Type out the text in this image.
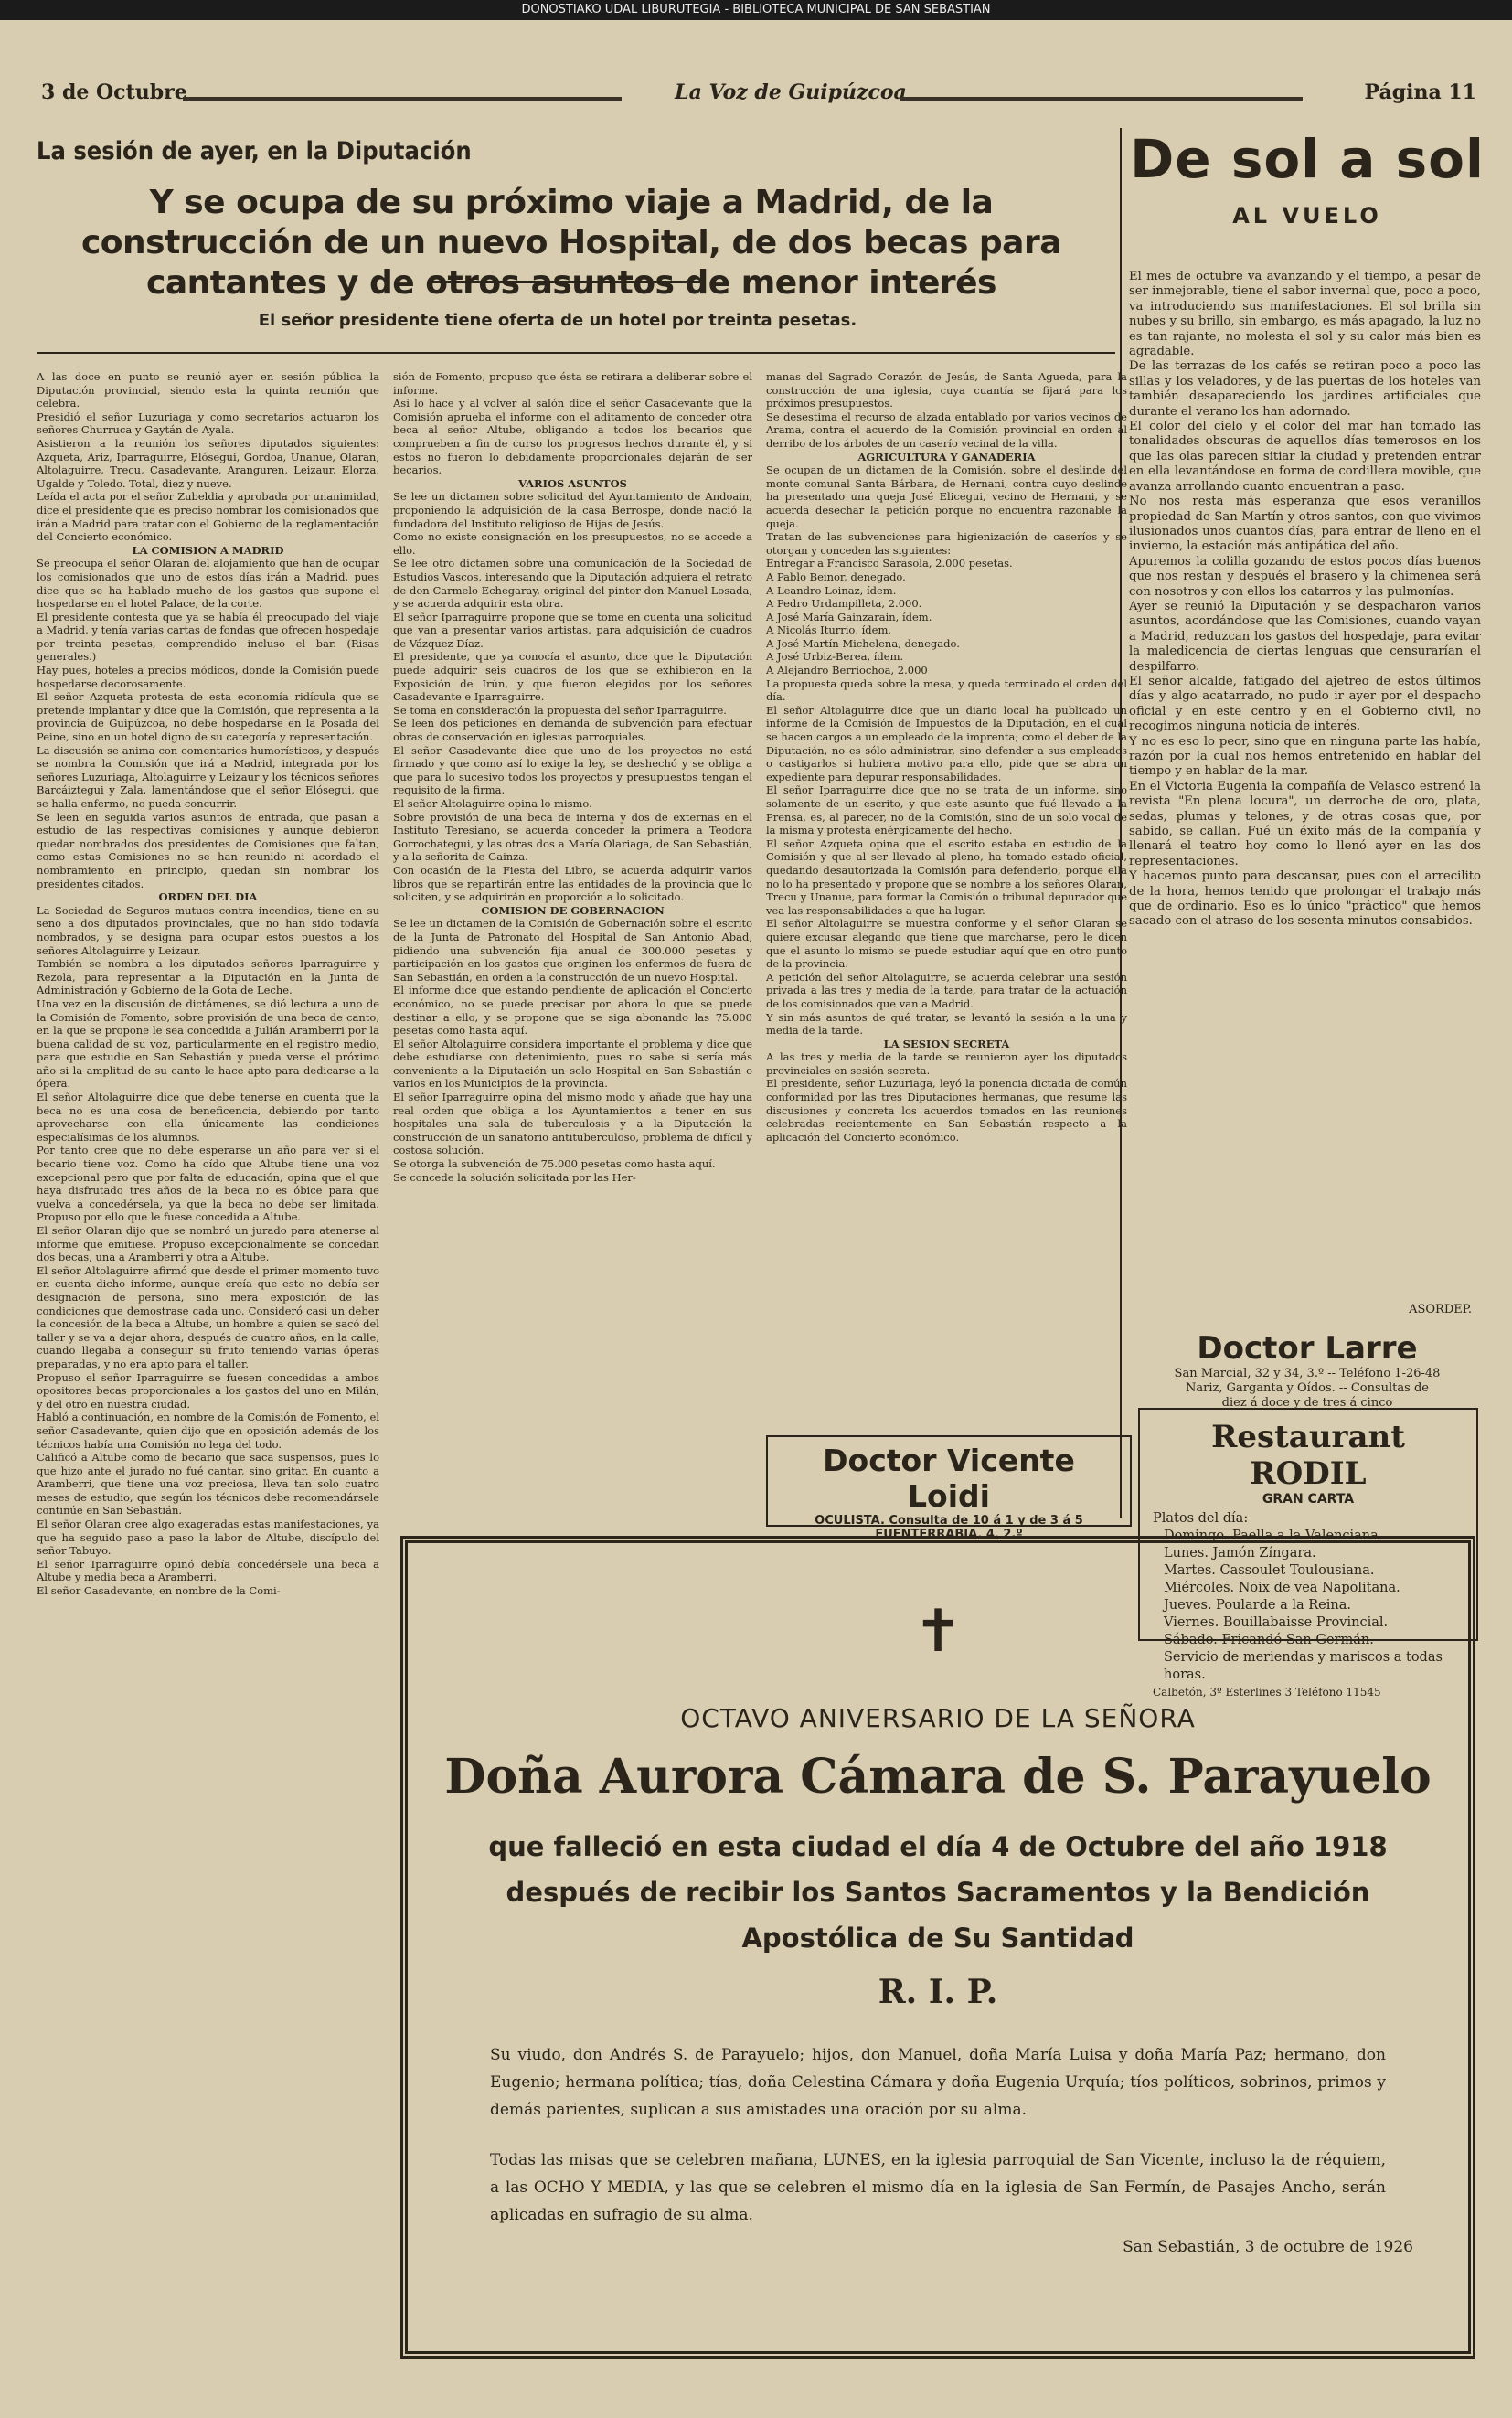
DONOSTIAKO UDAL LIBURUTEGIA - BIBLIOTECA MUNICIPAL DE SAN SEBASTIAN
3 de Octubre	La Voz de Guipúzcoa	Página 11
La sesión de ayer, en la Diputación
Y se ocupa de su próximo viaje a Madrid, de la construcción de un nuevo Hospital, de dos becas para cantantes y de otros asuntos de menor interés
El señor presidente tiene oferta de un hotel por treinta pesetas.
A las doce en punto se reunió ayer en sesión pública la Diputación provincial, siendo esta la quinta reunión que celebra.
Presidió el señor Luzuriaga y como secretarios actuaron los señores Churruca y Gaytán de Ayala.
Asistieron a la reunión los señores diputados siguientes: Azqueta, Ariz, Iparraguirre, Elósegui, Gordoa, Unanue, Olaran, Altolaguirre, Trecu, Casadevante, Aranguren, Leizaur, Elorza, Ugalde y Toledo. Total, diez y nueve.
Leída el acta por el señor Zubeldia y aprobada por unanimidad, dice el presidente que es preciso nombrar los comisionados que irán a Madrid para tratar con el Gobierno de la reglamentación del Concierto económico.
LA COMISION A MADRID
Se preocupa el señor Olaran del alojamiento que han de ocupar los comisionados que uno de estos días irán a Madrid, pues dice que se ha hablado mucho de los gastos que supone el hospedarse en el hotel Palace, de la corte.
El presidente contesta que ya se había él preocupado del viaje a Madrid, y tenía varias cartas de fondas que ofrecen hospedaje por treinta pesetas, comprendido incluso el bar. (Risas generales.)
Hay pues, hoteles a precios módicos, donde la Comisión puede hospedarse decorosamente.
El señor Azqueta protesta de esta economía ridícula que se pretende implantar y dice que la Comisión, que representa a la provincia de Guipúzcoa, no debe hospedarse en la Posada del Peine, sino en un hotel digno de su categoría y representación.
La discusión se anima con comentarios humorísticos, y después se nombra la Comisión que irá a Madrid, integrada por los señores Luzuriaga, Altolaguirre y Leizaur y los técnicos señores Barcáiztegui y Zala, lamentándose que el señor Elósegui, que se halla enfermo, no pueda concurrir.
Se leen en seguida varios asuntos de entrada, que pasan a estudio de las respectivas comisiones y aunque debieron quedar nombrados dos presidentes de Comisiones que faltan, como estas Comisiones no se han reunido ni acordado el nombramiento en principio, quedan sin nombrar los presidentes citados.
ORDEN DEL DIA
La Sociedad de Seguros mutuos contra incendios, tiene en su seno a dos diputados provinciales, que no han sido todavía nombrados, y se designa para ocupar estos puestos a los señores Altolaguirre y Leizaur.
También se nombra a los diputados señores Iparraguirre y Rezola, para representar a la Diputación en la Junta de Administración y Gobierno de la Gota de Leche.
Una vez en la discusión de dictámenes, se dió lectura a uno de la Comisión de Fomento, sobre provisión de una beca de canto, en la que se propone le sea concedida a Julián Aramberri por la buena calidad de su voz, particularmente en el registro medio, para que estudie en San Sebastián y pueda verse el próximo año si la amplitud de su canto le hace apto para dedicarse a la ópera.
El señor Altolaguirre dice que debe tenerse en cuenta que la beca no es una cosa de beneficencia, debiendo por tanto aprovecharse con ella únicamente las condiciones especialísimas de los alumnos.
Por tanto cree que no debe esperarse un año para ver si el becario tiene voz. Como ha oído que Altube tiene una voz excepcional pero que por falta de educación, opina que el que haya disfrutado tres años de la beca no es óbice para que vuelva a concedérsela, ya que la beca no debe ser limitada. Propuso por ello que le fuese concedida a Altube.
El señor Olaran dijo que se nombró un jurado para atenerse al informe que emitiese. Propuso excepcionalmente se concedan dos becas, una a Aramberri y otra a Altube.
El señor Altolaguirre afirmó que desde el primer momento tuvo en cuenta dicho informe, aunque creía que esto no debía ser designación de persona, sino mera exposición de las condiciones que demostrase cada uno. Consideró casi un deber la concesión de la beca a Altube, un hombre a quien se sacó del taller y se va a dejar ahora, después de cuatro años, en la calle, cuando llegaba a conseguir su fruto teniendo varias óperas preparadas, y no era apto para el taller.
Propuso el señor Iparraguirre se fuesen concedidas a ambos opositores becas proporcionales a los gastos del uno en Milán, y del otro en nuestra ciudad.
Habló a continuación, en nombre de la Comisión de Fomento, el señor Casadevante, quien dijo que en oposición además de los técnicos había una Comisión no lega del todo.
Calificó a Altube como de becario que saca suspensos, pues lo que hizo ante el jurado no fué cantar, sino gritar. En cuanto a Aramberri, que tiene una voz preciosa, lleva tan solo cuatro meses de estudio, que según los técnicos debe recomendársele continúe en San Sebastián.
El señor Olaran cree algo exageradas estas manifestaciones, ya que ha seguido paso a paso la labor de Altube, discípulo del señor Tabuyo.
El señor Iparraguirre opinó debía concedérsele una beca a Altube y media beca a Aramberri.
El señor Casadevante, en nombre de la Comi-
sión de Fomento, propuso que ésta se retirara a deliberar sobre el informe.
Así lo hace y al volver al salón dice el señor Casadevante que la Comisión aprueba el informe con el aditamento de conceder otra beca al señor Altube, obligando a todos los becarios que comprueben a fin de curso los progresos hechos durante él, y si estos no fueron lo debidamente proporcionales dejarán de ser becarios.
VARIOS ASUNTOS
Se lee un dictamen sobre solicitud del Ayuntamiento de Andoain, proponiendo la adquisición de la casa Berrospe, donde nació la fundadora del Instituto religioso de Hijas de Jesús.
Como no existe consignación en los presupuestos, no se accede a ello.
Se lee otro dictamen sobre una comunicación de la Sociedad de Estudios Vascos, interesando que la Diputación adquiera el retrato de don Carmelo Echegaray, original del pintor don Manuel Losada, y se acuerda adquirir esta obra.
El señor Iparraguirre propone que se tome en cuenta una solicitud que van a presentar varios artistas, para adquisición de cuadros de Vázquez Díaz.
El presidente, que ya conocía el asunto, dice que la Diputación puede adquirir seis cuadros de los que se exhibieron en la Exposición de Irún, y que fueron elegidos por los señores Casadevante e Iparraguirre.
Se toma en consideración la propuesta del señor Iparraguirre.
Se leen dos peticiones en demanda de subvención para efectuar obras de conservación en iglesias parroquiales.
El señor Casadevante dice que uno de los proyectos no está firmado y que como así lo exige la ley, se deshechó y se obliga a que para lo sucesivo todos los proyectos y presupuestos tengan el requisito de la firma.
El señor Altolaguirre opina lo mismo.
Sobre provisión de una beca de interna y dos de externas en el Instituto Teresiano, se acuerda conceder la primera a Teodora Gorrochategui, y las otras dos a María Olariaga, de San Sebastián, y a la señorita de Gainza.
Con ocasión de la Fiesta del Libro, se acuerda adquirir varios libros que se repartirán entre las entidades de la provincia que lo soliciten, y se adquirirán en proporción a lo solicitado.
COMISION DE GOBERNACION
Se lee un dictamen de la Comisión de Gobernación sobre el escrito de la Junta de Patronato del Hospital de San Antonio Abad, pidiendo una subvención fija anual de 300.000 pesetas y participación en los gastos que originen los enfermos de fuera de San Sebastián, en orden a la construcción de un nuevo Hospital.
El informe dice que estando pendiente de aplicación el Concierto económico, no se puede precisar por ahora lo que se puede destinar a ello, y se propone que se siga abonando las 75.000 pesetas como hasta aquí.
El señor Altolaguirre considera importante el problema y dice que debe estudiarse con detenimiento, pues no sabe si sería más conveniente a la Diputación un solo Hospital en San Sebastián o varios en los Municipios de la provincia.
El señor Iparraguirre opina del mismo modo y añade que hay una real orden que obliga a los Ayuntamientos a tener en sus hospitales una sala de tuberculosis y a la Diputación la construcción de un sanatorio antituberculoso, problema de difícil y costosa solución.
Se otorga la subvención de 75.000 pesetas como hasta aquí.
Se concede la solución solicitada por las Her-
manas del Sagrado Corazón de Jesús, de Santa Agueda, para la construcción de una iglesia, cuya cuantía se fijará para los próximos presupuestos.
Se desestima el recurso de alzada entablado por varios vecinos de Arama, contra el acuerdo de la Comisión provincial en orden al derribo de los árboles de un caserío vecinal de la villa.
AGRICULTURA Y GANADERIA
Se ocupan de un dictamen de la Comisión, sobre el deslinde del monte comunal Santa Bárbara, de Hernani, contra cuyo deslinde ha presentado una queja José Elicegui, vecino de Hernani, y se acuerda desechar la petición porque no encuentra razonable la queja.
Tratan de las subvenciones para higienización de caseríos y se otorgan y conceden las siguientes:
Entregar a Francisco Sarasola, 2.000 pesetas.
A Pablo Beinor, denegado.
A Leandro Loinaz, ídem.
A Pedro Urdampilleta, 2.000.
A José María Gainzarain, ídem.
A Nicolás Iturrio, ídem.
A José Martín Michelena, denegado.
A José Urbiz-Berea, ídem.
A Alejandro Berriochoa, 2.000
La propuesta queda sobre la mesa, y queda terminado el orden del día.
El señor Altolaguirre dice que un diario local ha publicado un informe de la Comisión de Impuestos de la Diputación, en el cual se hacen cargos a un empleado de la imprenta; como el deber de la Diputación, no es sólo administrar, sino defender a sus empleados o castigarlos si hubiera motivo para ello, pide que se abra un expediente para depurar responsabilidades.
El señor Iparraguirre dice que no se trata de un informe, sino solamente de un escrito, y que este asunto que fué llevado a la Prensa, es, al parecer, no de la Comisión, sino de un solo vocal de la misma y protesta enérgicamente del hecho.
El señor Azqueta opina que el escrito estaba en estudio de la Comisión y que al ser llevado al pleno, ha tomado estado oficial, quedando desautorizada la Comisión para defenderlo, porque ella no lo ha presentado y propone que se nombre a los señores Olaran, Trecu y Unanue, para formar la Comisión o tribunal depurador que vea las responsabilidades a que ha lugar.
El señor Altolaguirre se muestra conforme y el señor Olaran se quiere excusar alegando que tiene que marcharse, pero le dicen que el asunto lo mismo se puede estudiar aquí que en otro punto de la provincia.
A petición del señor Altolaguirre, se acuerda celebrar una sesión privada a las tres y media de la tarde, para tratar de la actuación de los comisionados que van a Madrid.
Y sin más asuntos de qué tratar, se levantó la sesión a la una y media de la tarde.
LA SESION SECRETA
A las tres y media de la tarde se reunieron ayer los diputados provinciales en sesión secreta.
El presidente, señor Luzuriaga, leyó la ponencia dictada de común conformidad por las tres Diputaciones hermanas, que resume las discusiones y concreta los acuerdos tomados en las reuniones celebradas recientemente en San Sebastián respecto a la aplicación del Concierto económico.
De sol a sol
AL VUELO
El mes de octubre va avanzando y el tiempo, a pesar de ser inmejorable, tiene el sabor invernal que, poco a poco, va introduciendo sus manifestaciones. El sol brilla sin nubes y su brillo, sin embargo, es más apagado, la luz no es tan rajante, no molesta el sol y su calor más bien es agradable.
De las terrazas de los cafés se retiran poco a poco las sillas y los veladores, y de las puertas de los hoteles van también desapareciendo los jardines artificiales que durante el verano los han adornado.
El color del cielo y el color del mar han tomado las tonalidades obscuras de aquellos días temerosos en los que las olas parecen sitiar la ciudad y pretenden entrar en ella levantándose en forma de cordillera movible, que avanza arrollando cuanto encuentran a paso.
No nos resta más esperanza que esos veranillos propiedad de San Martín y otros santos, con que vivimos ilusionados unos cuantos días, para entrar de lleno en el invierno, la estación más antipática del año.
Apuremos la colilla gozando de estos pocos días buenos que nos restan y después el brasero y la chimenea será con nosotros y con ellos los catarros y las pulmonías.
Ayer se reunió la Diputación y se despacharon varios asuntos, acordándose que las Comisiones, cuando vayan a Madrid, reduzcan los gastos del hospedaje, para evitar la maledicencia de ciertas lenguas que censurarían el despilfarro.
El señor alcalde, fatigado del ajetreo de estos últimos días y algo acatarrado, no pudo ir ayer por el despacho oficial y en este centro y en el Gobierno civil, no recogimos ninguna noticia de interés.
Y no es eso lo peor, sino que en ninguna parte las había, razón por la cual nos hemos entretenido en hablar del tiempo y en hablar de la mar.
En el Victoria Eugenia la compañía de Velasco estrenó la revista "En plena locura", un derroche de oro, plata, sedas, plumas y telones, y de otras cosas que, por sabido, se callan. Fué un éxito más de la compañía y llenará el teatro hoy como lo llenó ayer en las dos representaciones.
Y hacemos punto para descansar, pues con el arrecilito de la hora, hemos tenido que prolongar el trabajo más que de ordinario. Eso es lo único "práctico" que hemos sacado con el atraso de los sesenta minutos consabidos.
ASORDEP.
Doctor Larre
San Marcial, 32 y 34, 3.º -- Teléfono 1-26-48
Nariz, Garganta y Oídos. -- Consultas de
diez á doce y de tres á cinco
Restaurant RODIL
GRAN CARTA
Platos del día:
Domingo. Paella a la Valenciana.
Lunes. Jamón Zíngara.
Martes. Cassoulet Toulousiana.
Miércoles. Noix de vea Napolitana.
Jueves. Poularde a la Reina.
Viernes. Bouillabaisse Provincial.
Sábado. Fricandó San Germán.
Servicio de meriendas y mariscos a todas horas.
Calbetón, 3º Esterlines 3 Teléfono 11545
Doctor Vicente Loidi
OCULISTA. Consulta de 10 á 1 y de 3 á 5
FUENTERRABIA, 4, 2.º
✝
OCTAVO ANIVERSARIO DE LA SEÑORA
Doña Aurora Cámara de S. Parayuelo
que falleció en esta ciudad el día 4 de Octubre del año 1918
después de recibir los Santos Sacramentos y la Bendición
Apostólica de Su Santidad
R. I. P.
Su viudo, don Andrés S. de Parayuelo; hijos, don Manuel, doña María Luisa y doña María Paz; hermano, don Eugenio; hermana política; tías, doña Celestina Cámara y doña Eugenia Urquía; tíos políticos, sobrinos, primos y demás parientes, suplican a sus amistades una oración por su alma.
Todas las misas que se celebren mañana, LUNES, en la iglesia parroquial de San Vicente, incluso la de réquiem, a las OCHO Y MEDIA, y las que se celebren el mismo día en la iglesia de San Fermín, de Pasajes Ancho, serán aplicadas en sufragio de su alma.
San Sebastián, 3 de octubre de 1926
